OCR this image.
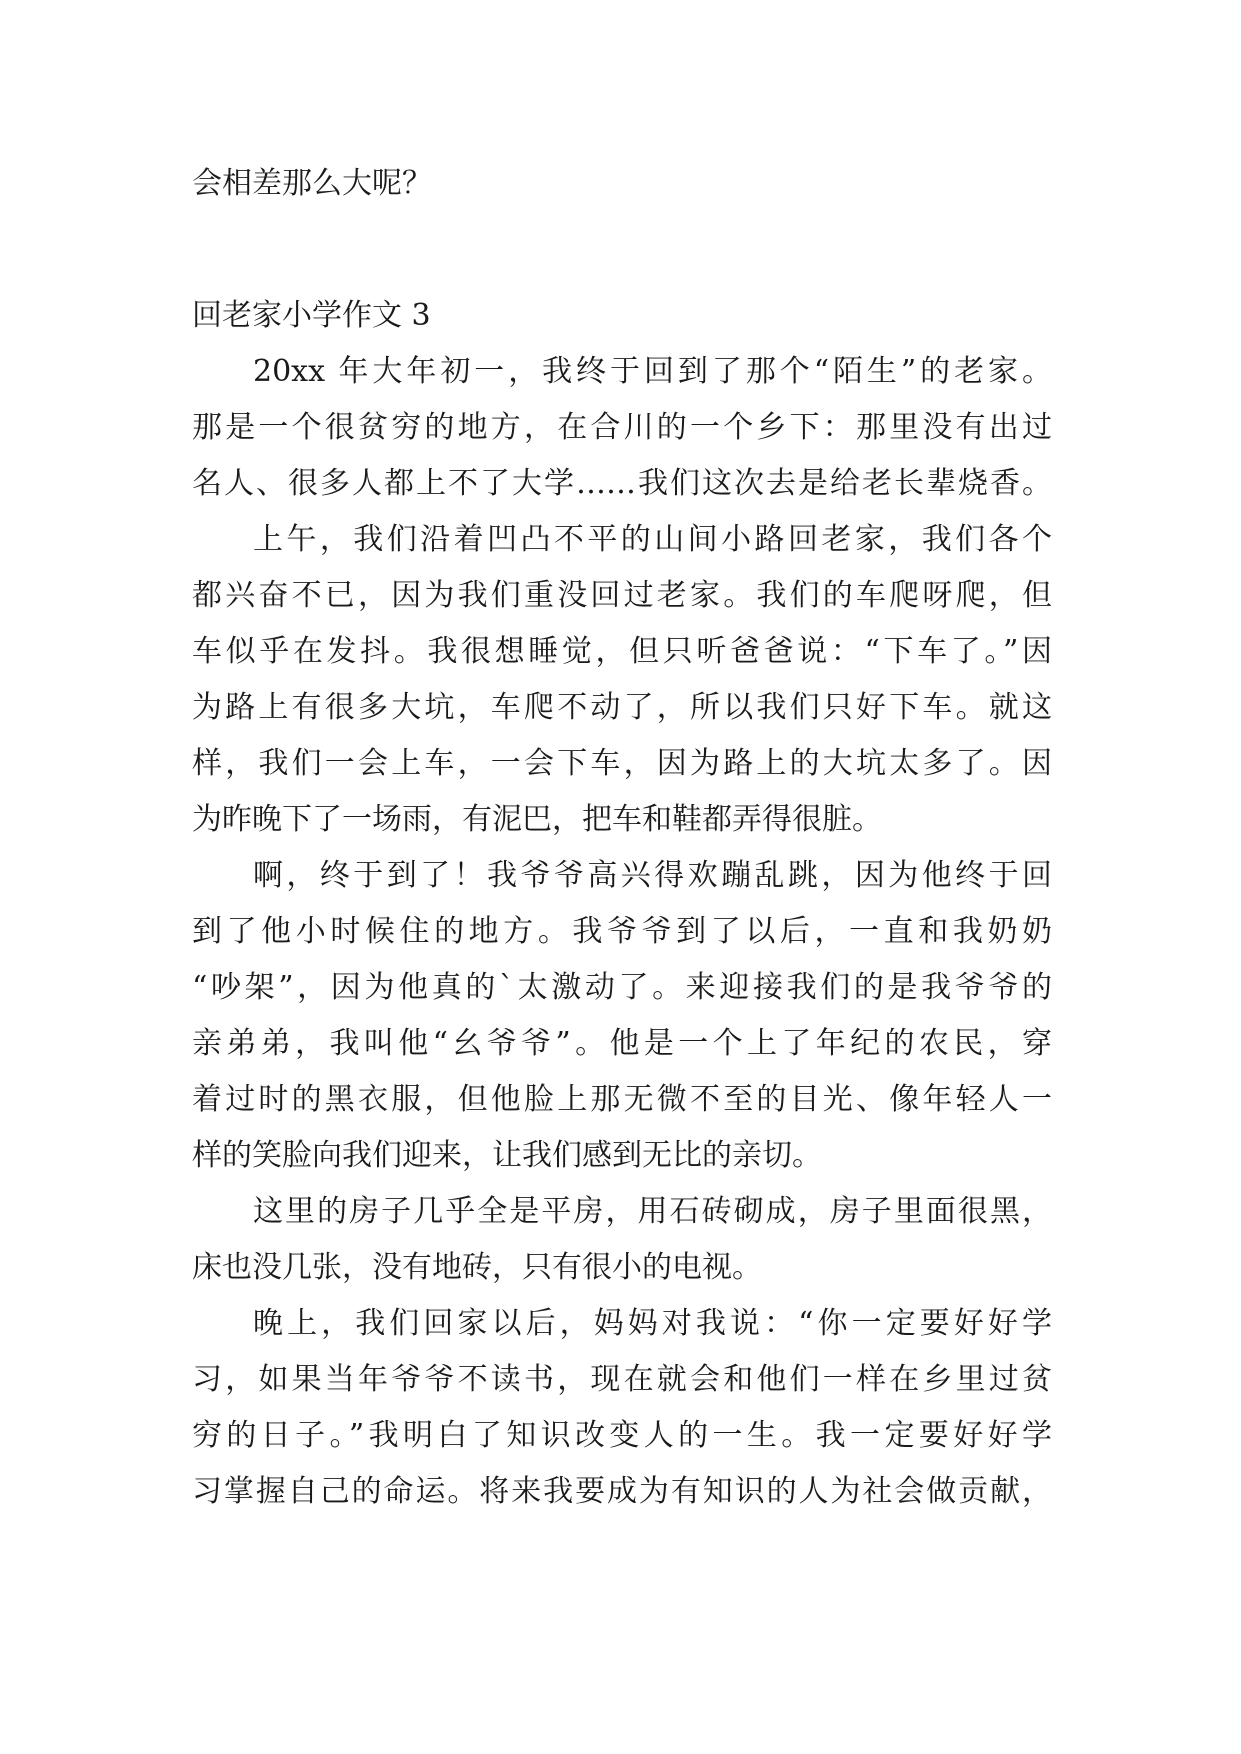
会相差那么大呢？

回老家小学作文 3

20xx 年大年初一，我终于回到了那个“陌生”的老家。

那是一个很贫穷的地方，在合川的一个乡下：那里没有出过

名人、很多人都上不了大学……我们这次去是给老长辈烧香。

上午，我们沿着凹凸不平的山间小路回老家，我们各个

都兴奋不已，因为我们重没回过老家。我们的车爬呀爬，但

车似乎在发抖。我很想睡觉，但只听爸爸说：“下车了。”因

为路上有很多大坑，车爬不动了，所以我们只好下车。就这

样，我们一会上车，一会下车，因为路上的大坑太多了。因

为昨晚下了一场雨，有泥巴，把车和鞋都弄得很脏。

啊，终于到了！我爷爷高兴得欢蹦乱跳，因为他终于回

到了他小时候住的地方。我爷爷到了以后，一直和我奶奶

“吵架”，因为他真的`太激动了。来迎接我们的是我爷爷的

亲弟弟，我叫他“幺爷爷”。他是一个上了年纪的农民，穿

着过时的黑衣服，但他脸上那无微不至的目光、像年轻人一

样的笑脸向我们迎来，让我们感到无比的亲切。

这里的房子几乎全是平房，用石砖砌成，房子里面很黑，

床也没几张，没有地砖，只有很小的电视。

晚上，我们回家以后，妈妈对我说：“你一定要好好学

习，如果当年爷爷不读书，现在就会和他们一样在乡里过贫

穷的日子。”我明白了知识改变人的一生。我一定要好好学

习掌握自己的命运。将来我要成为有知识的人为社会做贡献，
